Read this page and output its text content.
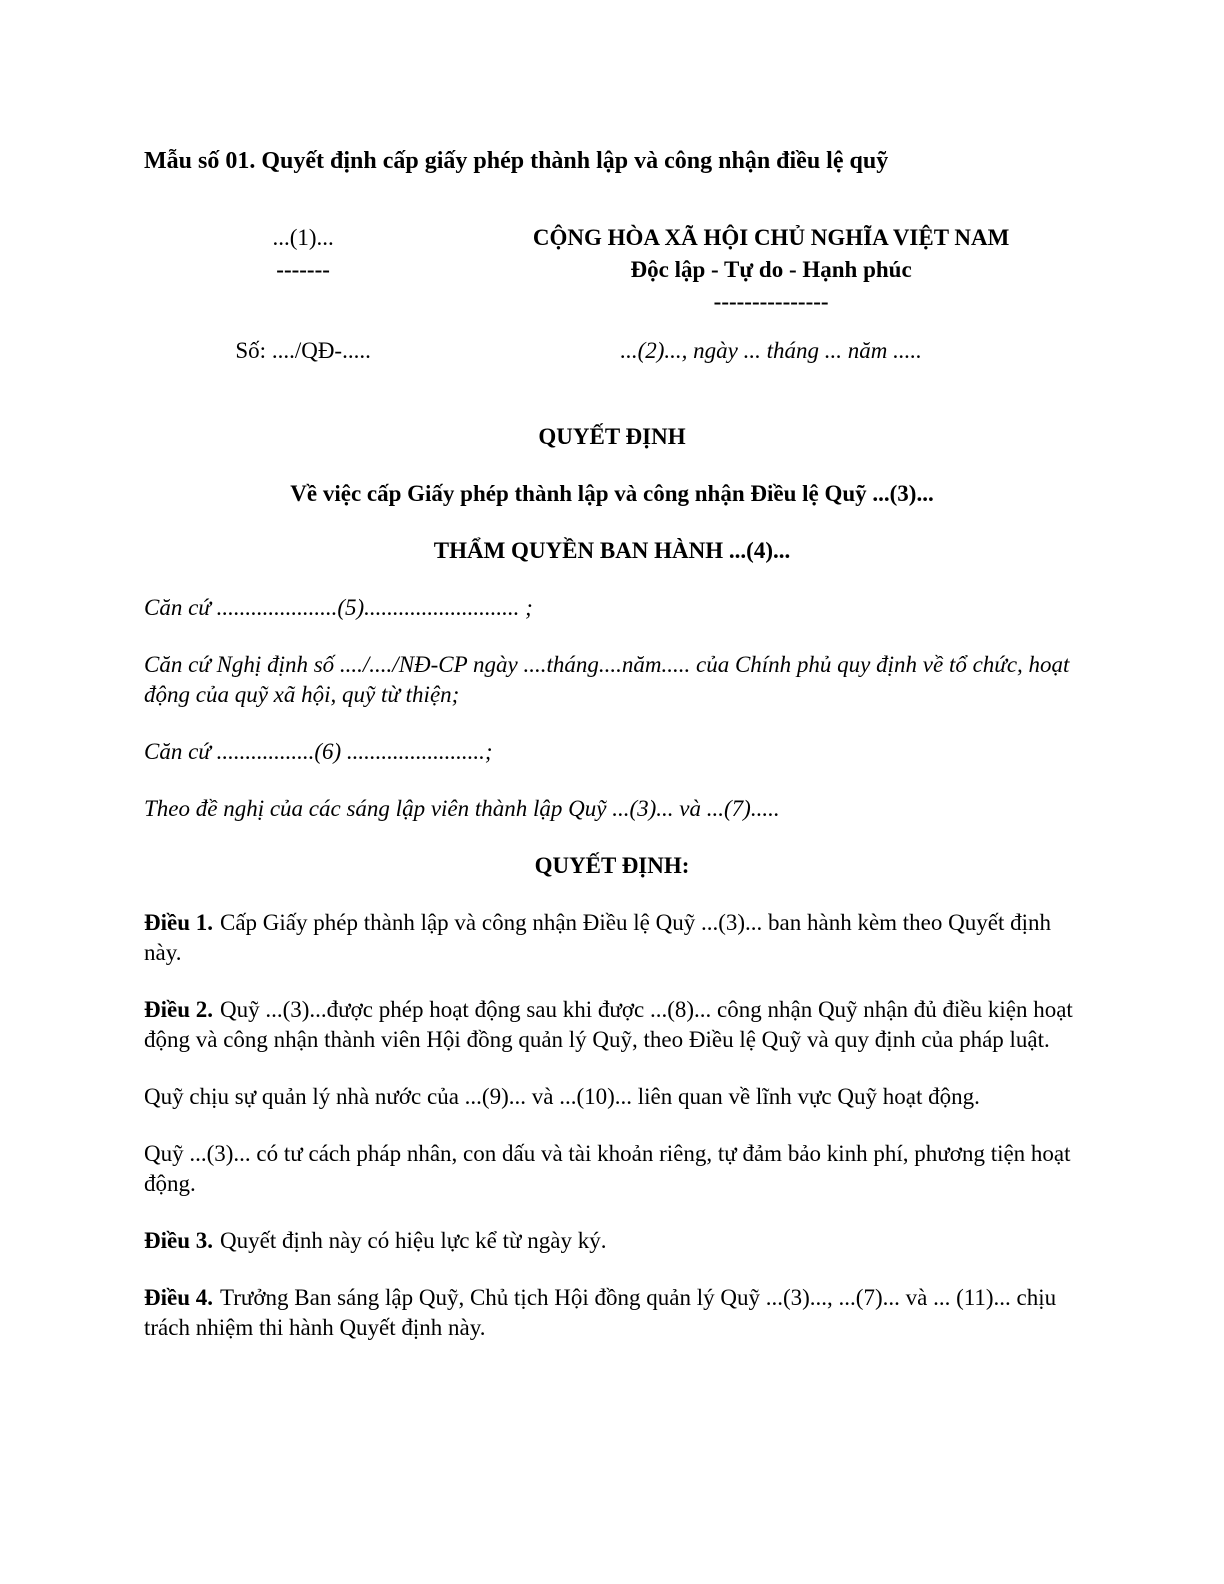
Mẫu số 01. Quyết định cấp giấy phép thành lập và công nhận điều lệ quỹ

...(1)...

-------

CỘNG HÒA XÃ HỘI CHỦ NGHĨA VIỆT NAM

Độc lập - Tự do - Hạnh phúc

---------------

Số: ..../QĐ-.....	...(2)..., ngày ... tháng ... năm .....

QUYẾT ĐỊNH

Về việc cấp Giấy phép thành lập và công nhận Điều lệ Quỹ ...(3)...

THẨM QUYỀN BAN HÀNH ...(4)...

Căn cứ .....................(5)........................... ;

Căn cứ Nghị định số ..../..../NĐ-CP ngày ....tháng....năm..... của Chính phủ quy định về tổ chức, hoạt động của quỹ xã hội, quỹ từ thiện;

Căn cứ .................(6) ........................;

Theo đề nghị của các sáng lập viên thành lập Quỹ ...(3)... và ...(7).....

QUYẾT ĐỊNH:

Điều 1. Cấp Giấy phép thành lập và công nhận Điều lệ Quỹ ...(3)... ban hành kèm theo Quyết định này.

Điều 2. Quỹ ...(3)...được phép hoạt động sau khi được ...(8)... công nhận Quỹ nhận đủ điều kiện hoạt động và công nhận thành viên Hội đồng quản lý Quỹ, theo Điều lệ Quỹ và quy định của pháp luật.

Quỹ chịu sự quản lý nhà nước của ...(9)... và ...(10)... liên quan về lĩnh vực Quỹ hoạt động.

Quỹ ...(3)... có tư cách pháp nhân, con dấu và tài khoản riêng, tự đảm bảo kinh phí, phương tiện hoạt động.

Điều 3. Quyết định này có hiệu lực kể từ ngày ký.

Điều 4. Trưởng Ban sáng lập Quỹ, Chủ tịch Hội đồng quản lý Quỹ ...(3)..., ...(7)... và ... (11)... chịu trách nhiệm thi hành Quyết định này.
